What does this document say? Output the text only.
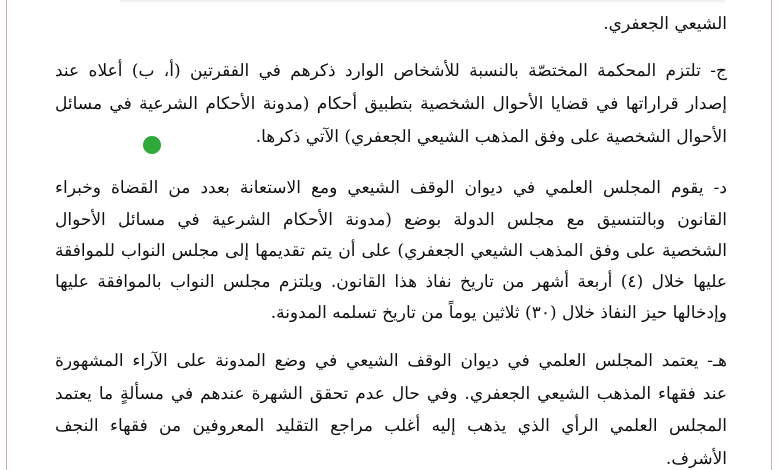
الشيعي الجعفري.
ج- تلتزم المحكمة المختصّة بالنسبة للأشخاص الوارد ذكرهم في الفقرتين (أ، ب) أعلاه عند
إصدار قراراتها في قضايا الأحوال الشخصية بتطبيق أحكام (مدونة الأحكام الشرعية في مسائل
الأحوال الشخصية على وفق المذهب الشيعي الجعفري) الآتي ذكرها.
د- يقوم المجلس العلمي في ديوان الوقف الشيعي ومع الاستعانة بعدد من القضاة وخبراء
القانون وبالتنسيق مع مجلس الدولة بوضع (مدونة الأحكام الشرعية في مسائل الأحوال
الشخصية على وفق المذهب الشيعي الجعفري) على أن يتم تقديمها إلى مجلس النواب للموافقة
عليها خلال (٤) أربعة أشهر من تاريخ نفاذ هذا القانون. ويلتزم مجلس النواب بالموافقة عليها
وإدخالها حيز النفاذ خلال (٣٠) ثلاثين يوماً من تاريخ تسلمه المدونة.
هـ- يعتمد المجلس العلمي في ديوان الوقف الشيعي في وضع المدونة على الآراء المشهورة
عند فقهاء المذهب الشيعي الجعفري. وفي حال عدم تحقق الشهرة عندهم في مسألةٍ ما يعتمد
المجلس العلمي الرأي الذي يذهب إليه أغلب مراجع التقليد المعروفين من فقهاء النجف
الأشرف.
